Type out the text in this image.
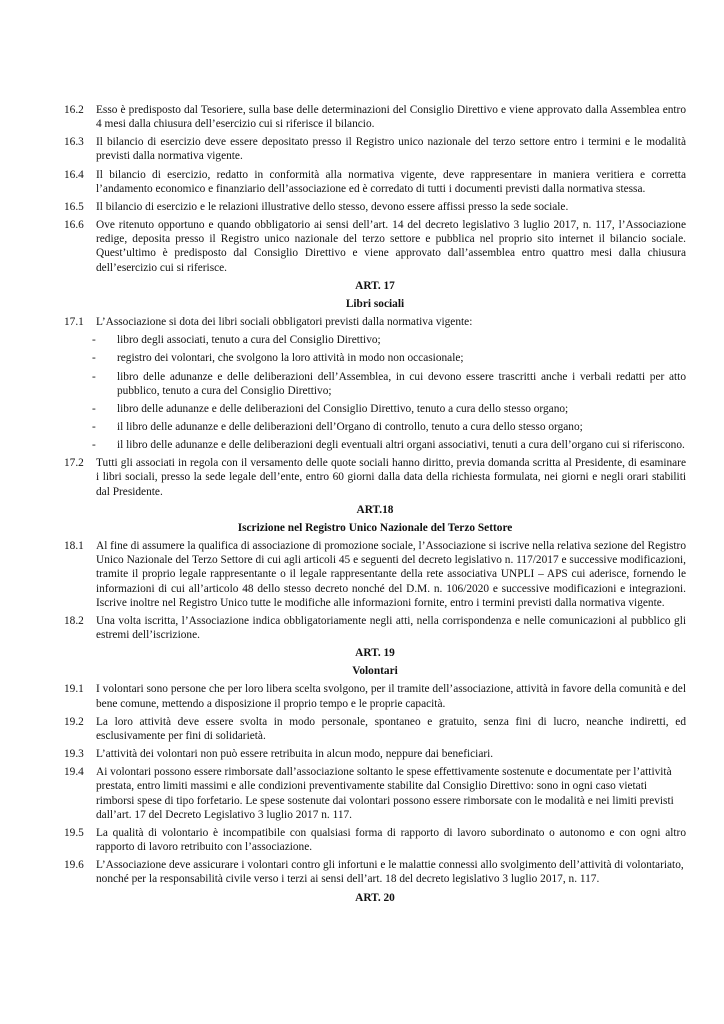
16.2	Esso è predisposto dal Tesoriere, sulla base delle determinazioni del Consiglio Direttivo e viene approvato dalla Assemblea entro 4 mesi dalla chiusura dell’esercizio cui si riferisce il bilancio.
16.3	Il bilancio di esercizio deve essere depositato presso il Registro unico nazionale del terzo settore entro i termini e le modalità previsti dalla normativa vigente.
16.4	Il bilancio di esercizio, redatto in conformità alla normativa vigente, deve rappresentare in maniera veritiera e corretta l’andamento economico e finanziario dell’associazione ed è corredato di tutti i documenti previsti dalla normativa stessa.
16.5	Il bilancio di esercizio e le relazioni illustrative dello stesso, devono essere affissi presso la sede sociale.
16.6	Ove ritenuto opportuno e quando obbligatorio ai sensi dell’art. 14 del decreto legislativo 3 luglio 2017, n. 117, l’Associazione redige, deposita presso il Registro unico nazionale del terzo settore e pubblica nel proprio sito internet il bilancio sociale. Quest’ultimo è predisposto dal Consiglio Direttivo e viene approvato dall’assemblea entro quattro mesi dalla chiusura dell’esercizio cui si riferisce.
ART. 17
Libri sociali
17.1	L’Associazione si dota dei libri sociali obbligatori previsti dalla normativa vigente:
-	libro degli associati, tenuto a cura del Consiglio Direttivo;
-	registro dei volontari, che svolgono la loro attività in modo non occasionale;
-	libro delle adunanze e delle deliberazioni dell’Assemblea, in cui devono essere trascritti anche i verbali redatti per atto pubblico, tenuto a cura del Consiglio Direttivo;
-	libro delle adunanze e delle deliberazioni del Consiglio Direttivo, tenuto a cura dello stesso organo;
-	il libro delle adunanze e delle deliberazioni dell’Organo di controllo, tenuto a cura dello stesso organo;
-	il libro delle adunanze e delle deliberazioni degli eventuali altri organi associativi, tenuti a cura dell’organo cui si riferiscono.
17.2	Tutti gli associati in regola con il versamento delle quote sociali hanno diritto, previa domanda scritta al Presidente, di esaminare i libri sociali, presso la sede legale dell’ente, entro 60 giorni dalla data della richiesta formulata, nei giorni e negli orari stabiliti dal Presidente.
ART.18
Iscrizione nel Registro Unico Nazionale del Terzo Settore
18.1	Al fine di assumere la qualifica di associazione di promozione sociale, l’Associazione si iscrive nella relativa sezione del Registro Unico Nazionale del Terzo Settore di cui agli articoli 45 e seguenti del decreto legislativo n. 117/2017 e successive modificazioni, tramite il proprio legale rappresentante o il legale rappresentante della rete associativa UNPLI – APS cui aderisce, fornendo le informazioni di cui all’articolo 48 dello stesso decreto nonché del D.M. n. 106/2020 e successive modificazioni e integrazioni. Iscrive inoltre nel Registro Unico tutte le modifiche alle informazioni fornite, entro i termini previsti dalla normativa vigente.
18.2	Una volta iscritta, l’Associazione indica obbligatoriamente negli atti, nella corrispondenza e nelle comunicazioni al pubblico gli estremi dell’iscrizione.
ART. 19
Volontari
19.1	I volontari sono persone che per loro libera scelta svolgono, per il tramite dell’associazione, attività in favore della comunità e del bene comune, mettendo a disposizione il proprio tempo e le proprie capacità.
19.2	La loro attività deve essere svolta in modo personale, spontaneo e gratuito, senza fini di lucro, neanche indiretti, ed esclusivamente per fini di solidarietà.
19.3	L’attività dei volontari non può essere retribuita in alcun modo, neppure dai beneficiari.
19.4	Ai volontari possono essere rimborsate dall’associazione soltanto le spese effettivamente sostenute e documentate per l’attività prestata, entro limiti massimi e alle condizioni preventivamente stabilite dal Consiglio Direttivo: sono in ogni caso vietati rimborsi spese di tipo forfetario. Le spese sostenute dai volontari possono essere rimborsate con le modalità e nei limiti previsti dall’art. 17 del Decreto Legislativo 3 luglio 2017 n. 117.
19.5	La qualità di volontario è incompatibile con qualsiasi forma di rapporto di lavoro subordinato o autonomo e con ogni altro rapporto di lavoro retribuito con l’associazione.
19.6	L’Associazione deve assicurare i volontari contro gli infortuni e le malattie connessi allo svolgimento dell’attività di volontariato, nonché per la responsabilità civile verso i terzi ai sensi dell’art. 18 del decreto legislativo 3 luglio 2017, n. 117.
ART. 20
